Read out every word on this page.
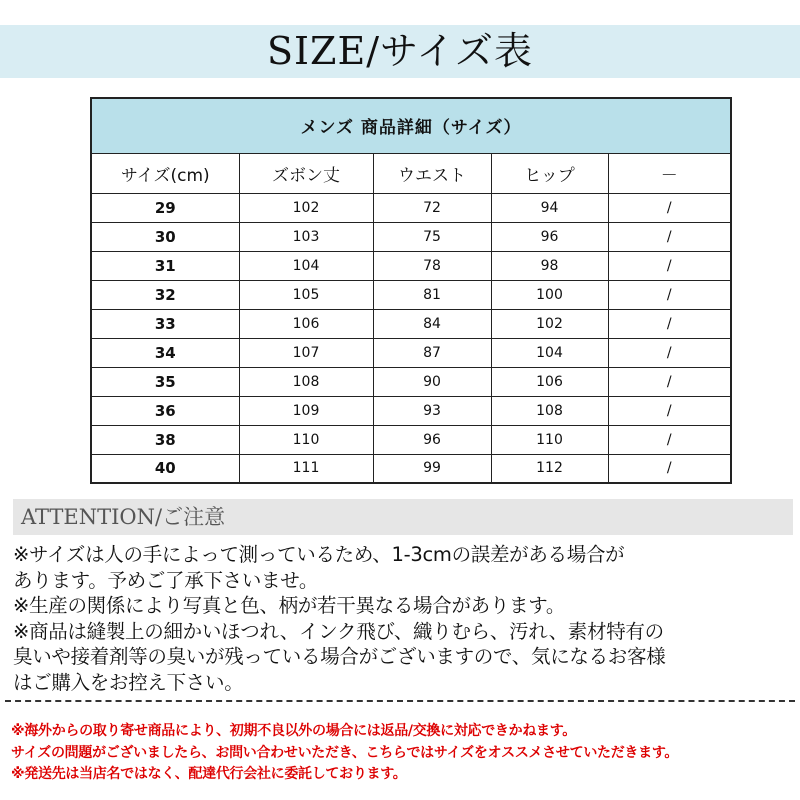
SIZE/サイズ表
メンズ 商品詳細（サイズ）				
サイズ(cm)	ズボン丈	ウエスト	ヒップ	－
29	102	72	94	/
30	103	75	96	/
31	104	78	98	/
32	105	81	100	/
33	106	84	102	/
34	107	87	104	/
35	108	90	106	/
36	109	93	108	/
38	110	96	110	/
40	111	99	112	/
ATTENTION/ご注意
※サイズは人の手によって測っているため、1-3cmの誤差がある場合が
あります。予めご了承下さいませ。
※生産の関係により写真と色、柄が若干異なる場合があります。
※商品は縫製上の細かいほつれ、インク飛び、織りむら、汚れ、素材特有の
臭いや接着剤等の臭いが残っている場合がございますので、気になるお客様
はご購入をお控え下さい。
※海外からの取り寄せ商品により、初期不良以外の場合には返品/交換に対応できかねます。
サイズの問題がございましたら、お問い合わせいただき、こちらではサイズをオススメさせていただきます。
※発送先は当店名ではなく、配達代行会社に委託しております。
